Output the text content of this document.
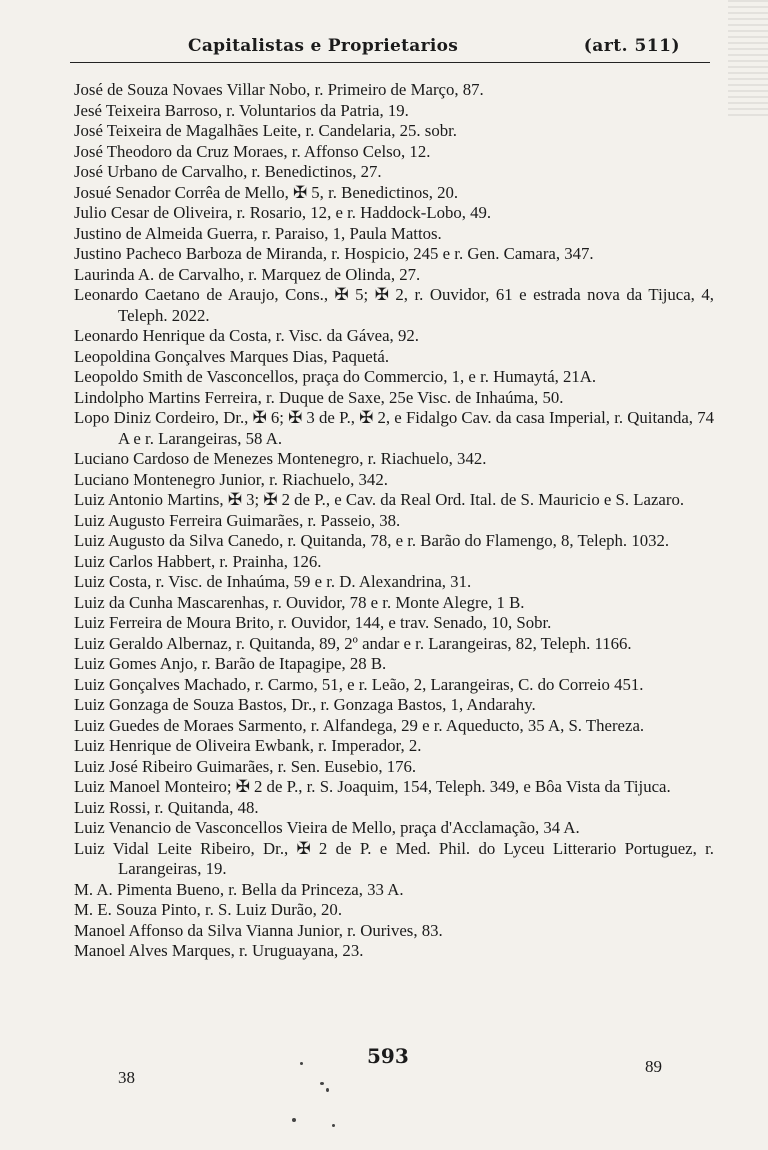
Capitalistas e Proprietarios	(art. 511)
José de Souza Novaes Villar Nobo, r. Primeiro de Março, 87.
Jesé Teixeira Barroso, r. Voluntarios da Patria, 19.
José Teixeira de Magalhães Leite, r. Candelaria, 25. sobr.
José Theodoro da Cruz Moraes, r. Affonso Celso, 12.
José Urbano de Carvalho, r. Benedictinos, 27.
Josué Senador Corrêa de Mello, ✠ 5, r. Benedictinos, 20.
Julio Cesar de Oliveira, r. Rosario, 12, e r. Haddock-Lobo, 49.
Justino de Almeida Guerra, r. Paraiso, 1, Paula Mattos.
Justino Pacheco Barboza de Miranda, r. Hospicio, 245 e r. Gen. Camara, 347.
Laurinda A. de Carvalho, r. Marquez de Olinda, 27.
Leonardo Caetano de Araujo, Cons., ✠ 5; ✠ 2, r. Ouvidor, 61 e estrada nova da Tijuca, 4, Teleph. 2022.
Leonardo Henrique da Costa, r. Visc. da Gávea, 92.
Leopoldina Gonçalves Marques Dias, Paquetá.
Leopoldo Smith de Vasconcellos, praça do Commercio, 1, e r. Humaytá, 21A.
Lindolpho Martins Ferreira, r. Duque de Saxe, 25e Visc. de Inhaúma, 50.
Lopo Diniz Cordeiro, Dr., ✠ 6; ✠ 3 de P., ✠ 2, e Fidalgo Cav. da casa Imperial, r. Quitanda, 74 A e r. Larangeiras, 58 A.
Luciano Cardoso de Menezes Montenegro, r. Riachuelo, 342.
Luciano Montenegro Junior, r. Riachuelo, 342.
Luiz Antonio Martins, ✠ 3; ✠ 2 de P., e Cav. da Real Ord. Ital. de S. Mauricio e S. Lazaro.
Luiz Augusto Ferreira Guimarães, r. Passeio, 38.
Luiz Augusto da Silva Canedo, r. Quitanda, 78, e r. Barão do Flamengo, 8, Teleph. 1032.
Luiz Carlos Habbert, r. Prainha, 126.
Luiz Costa, r. Visc. de Inhaúma, 59 e r. D. Alexandrina, 31.
Luiz da Cunha Mascarenhas, r. Ouvidor, 78 e r. Monte Alegre, 1 B.
Luiz Ferreira de Moura Brito, r. Ouvidor, 144, e trav. Senado, 10, Sobr.
Luiz Geraldo Albernaz, r. Quitanda, 89, 2º andar e r. Larangeiras, 82, Teleph. 1166.
Luiz Gomes Anjo, r. Barão de Itapagipe, 28 B.
Luiz Gonçalves Machado, r. Carmo, 51, e r. Leão, 2, Larangeiras, C. do Correio 451.
Luiz Gonzaga de Souza Bastos, Dr., r. Gonzaga Bastos, 1, Andarahy.
Luiz Guedes de Moraes Sarmento, r. Alfandega, 29 e r. Aqueducto, 35 A, S. Thereza.
Luiz Henrique de Oliveira Ewbank, r. Imperador, 2.
Luiz José Ribeiro Guimarães, r. Sen. Eusebio, 176.
Luiz Manoel Monteiro; ✠ 2 de P., r. S. Joaquim, 154, Teleph. 349, e Bôa Vista da Tijuca.
Luiz Rossi, r. Quitanda, 48.
Luiz Venancio de Vasconcellos Vieira de Mello, praça d'Acclamação, 34 A.
Luiz Vidal Leite Ribeiro, Dr., ✠ 2 de P. e Med. Phil. do Lyceu Litterario Portuguez, r. Larangeiras, 19.
M. A. Pimenta Bueno, r. Bella da Princeza, 33 A.
M. E. Souza Pinto, r. S. Luiz Durão, 20.
Manoel Affonso da Silva Vianna Junior, r. Ourives, 83.
Manoel Alves Marques, r. Uruguayana, 23.
38
593	89
